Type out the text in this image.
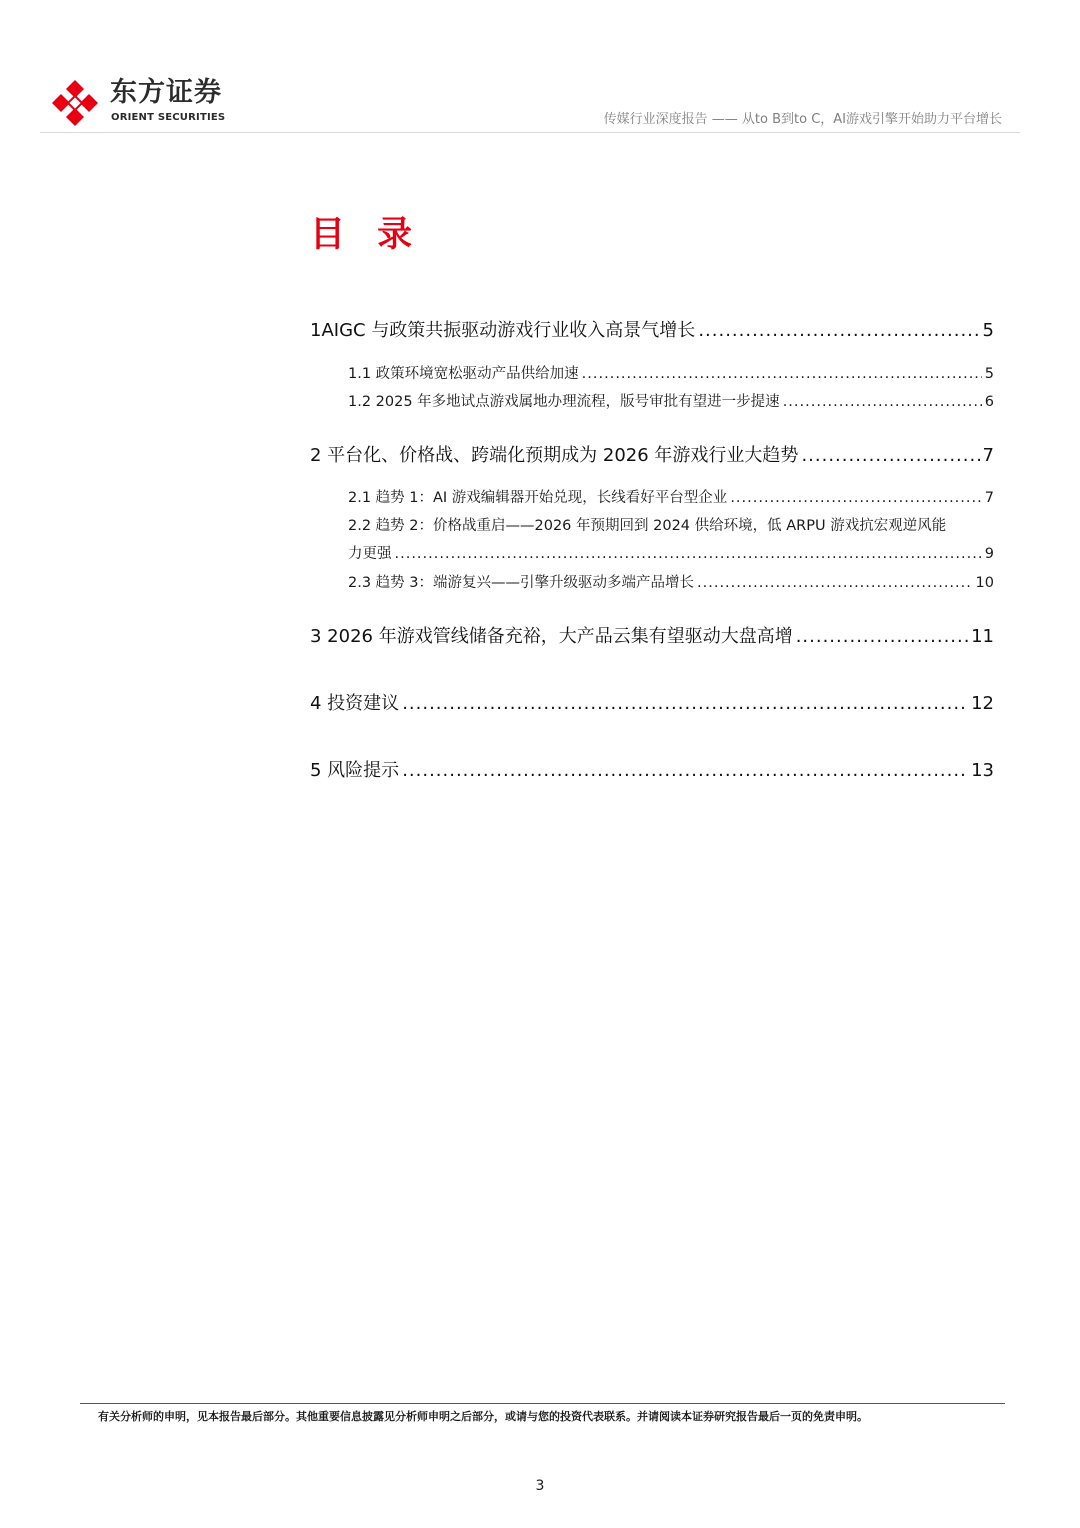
东方证券
ORIENT SECURITIES	传媒行业深度报告 —— 从to B到to C，AI游戏引擎开始助力平台增长
目 录
1AIGC 与政策共振驱动游戏行业收入高景气增长 .....	5
1.1 政策环境宽松驱动产品供给加速 .....	5
1.2 2025 年多地试点游戏属地办理流程，版号审批有望进一步提速 .....	6
2 平台化、价格战、跨端化预期成为 2026 年游戏行业大趋势 .....	7
2.1 趋势 1：AI 游戏编辑器开始兑现，长线看好平台型企业 .....	7
2.2 趋势 2：价格战重启——2026 年预期回到 2024 供给环境，低 ARPU 游戏抗宏观逆风能
力更强 .....	9
2.3 趋势 3：端游复兴——引擎升级驱动多端产品增长 .....	10
3 2026 年游戏管线储备充裕，大产品云集有望驱动大盘高增 .....	11
4 投资建议 .....	12
5 风险提示 .....	13
有关分析师的申明，见本报告最后部分。其他重要信息披露见分析师申明之后部分，或请与您的投资代表联系。并请阅读本证券研究报告最后一页的免责申明。
3
